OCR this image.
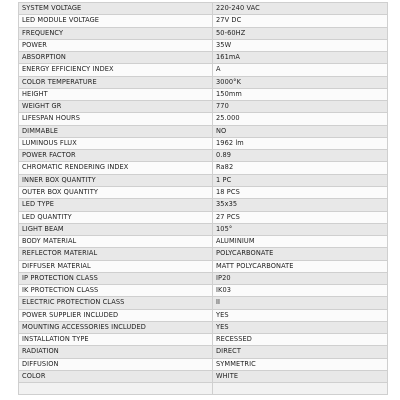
SYSTEM VOLTAGE	220-240 VAC
LED MODULE VOLTAGE	27V DC
FREQUENCY	50-60HZ
POWER	35W
ABSORPTION	161mA
ENERGY EFFICIENCY INDEX	A
COLOR TEMPERATURE	3000°K
HEIGHT	150mm
WEIGHT GR	770
LIFESPAN HOURS	25.000
DIMMABLE	NO
LUMINOUS FLUX	1962 lm
POWER FACTOR	0.89
CHROMATIC RENDERING INDEX	Ra82
INNER BOX QUANTITY	1 PC
OUTER BOX QUANTITY	18 PCS
LED TYPE	35x35
LED QUANTITY	27 PCS
LIGHT BEAM	105°
BODY MATERIAL	ALUMINIUM
REFLECTOR MATERIAL	POLYCARBONATE
DIFFUSER MATERIAL	MATT POLYCARBONATE
IP PROTECTION CLASS	IP20
IK PROTECTION CLASS	IK03
ELECTRIC PROTECTION CLASS	II
POWER SUPPLIER INCLUDED	YES
MOUNTING ACCESSORIES INCLUDED	YES
INSTALLATION TYPE	RECESSED
RADIATION	DIRECT
DIFFUSION	SYMMETRIC
COLOR	WHITE
